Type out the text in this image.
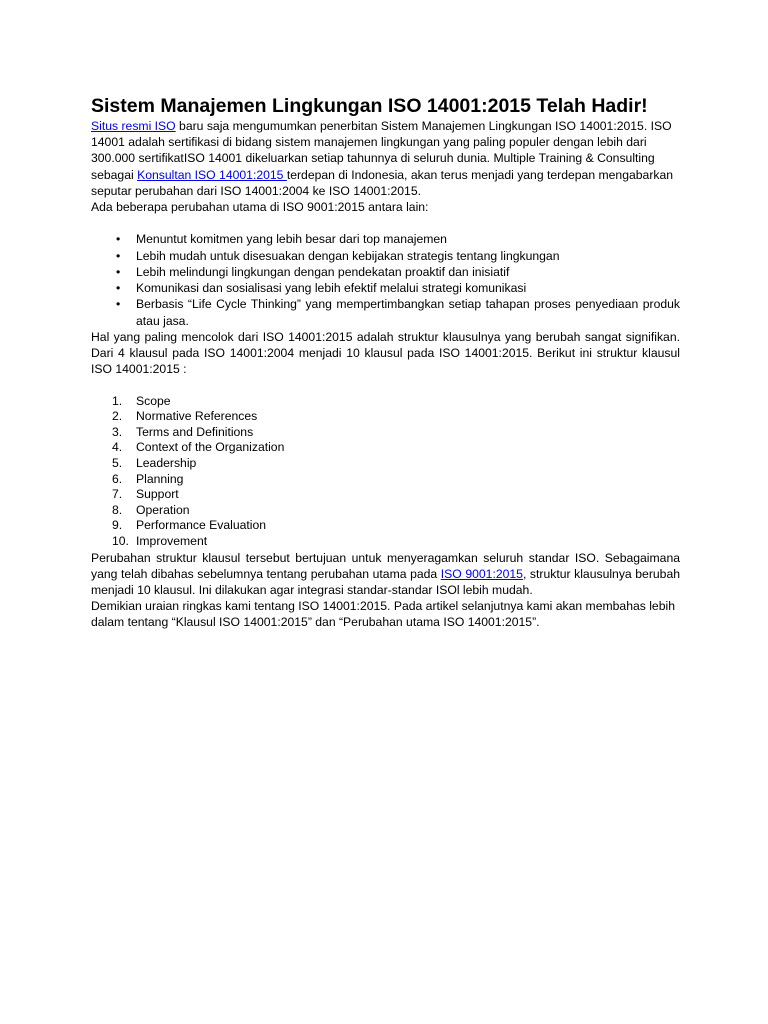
Sistem Manajemen Lingkungan ISO 14001:2015 Telah Hadir!

Situs resmi ISO baru saja mengumumkan penerbitan Sistem Manajemen Lingkungan ISO 14001:2015. ISO 14001 adalah sertifikasi di bidang sistem manajemen lingkungan yang paling populer dengan lebih dari 300.000 sertifikatISO 14001 dikeluarkan setiap tahunnya di seluruh dunia. Multiple Training & Consulting sebagai Konsultan ISO 14001:2015 terdepan di Indonesia, akan terus menjadi yang terdepan mengabarkan seputar perubahan dari ISO 14001:2004 ke ISO 14001:2015.

Ada beberapa perubahan utama di ISO 9001:2015 antara lain:

• Menuntut komitmen yang lebih besar dari top manajemen
• Lebih mudah untuk disesuakan dengan kebijakan strategis tentang lingkungan
• Lebih melindungi lingkungan dengan pendekatan proaktif dan inisiatif
• Komunikasi dan sosialisasi yang lebih efektif melalui strategi komunikasi
• Berbasis “Life Cycle Thinking” yang mempertimbangkan setiap tahapan proses penyediaan produk atau jasa.

Hal yang paling mencolok dari ISO 14001:2015 adalah struktur klausulnya yang berubah sangat signifikan. Dari 4 klausul pada ISO 14001:2004 menjadi 10 klausul pada ISO 14001:2015. Berikut ini struktur klausul ISO 14001:2015 :

1. Scope
2. Normative References
3. Terms and Definitions
4. Context of the Organization
5. Leadership
6. Planning
7. Support
8. Operation
9. Performance Evaluation
10. Improvement

Perubahan struktur klausul tersebut bertujuan untuk menyeragamkan seluruh standar ISO. Sebagaimana yang telah dibahas sebelumnya tentang perubahan utama pada ISO 9001:2015, struktur klausulnya berubah menjadi 10 klausul. Ini dilakukan agar integrasi standar-standar ISOl lebih mudah.

Demikian uraian ringkas kami tentang ISO 14001:2015. Pada artikel selanjutnya kami akan membahas lebih dalam tentang “Klausul ISO 14001:2015” dan “Perubahan utama ISO 14001:2015”.
